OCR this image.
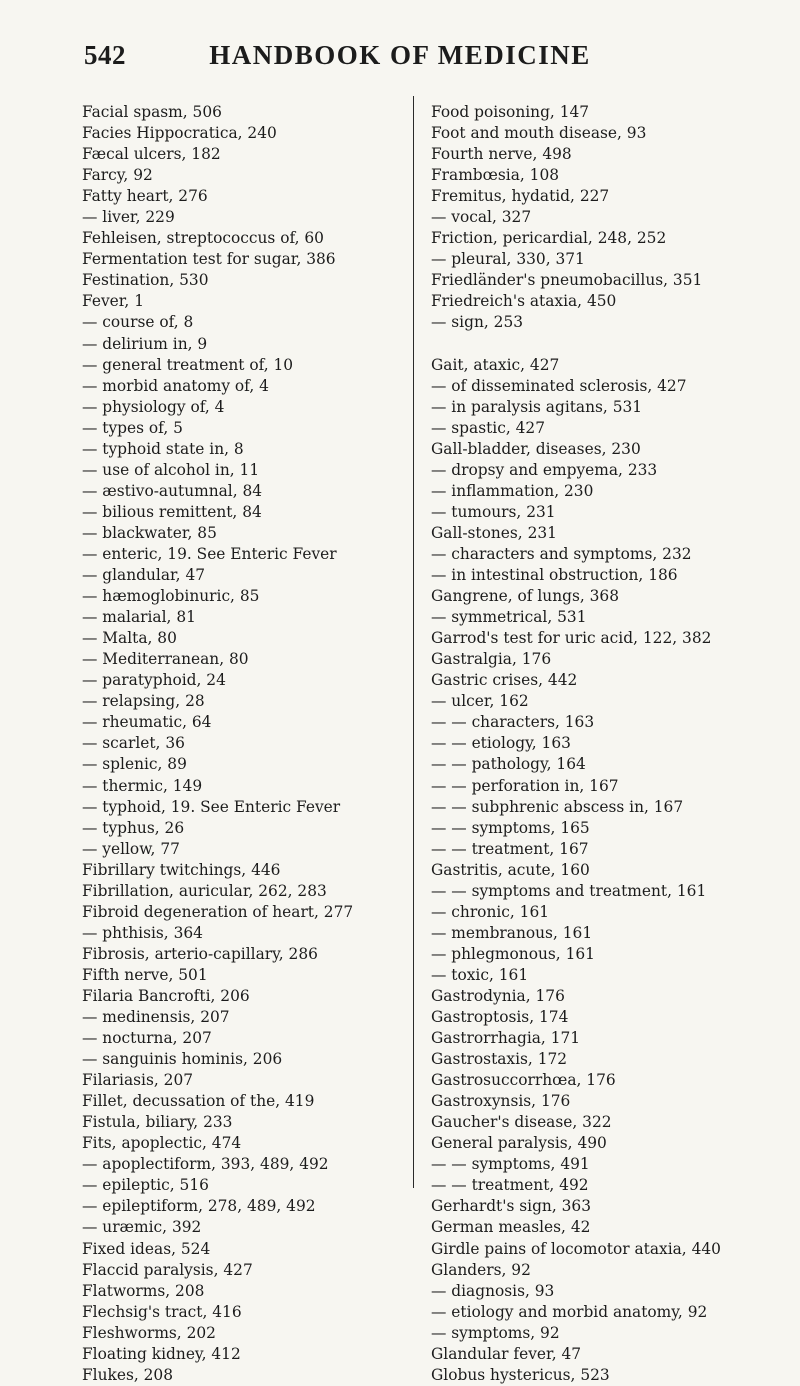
542	HANDBOOK OF MEDICINE
Facial spasm, 506
Facies Hippocratica, 240
Fæcal ulcers, 182
Farcy, 92
Fatty heart, 276
— liver, 229
Fehleisen, streptococcus of, 60
Fermentation test for sugar, 386
Festination, 530
Fever, 1
— course of, 8
— delirium in, 9
— general treatment of, 10
— morbid anatomy of, 4
— physiology of, 4
— types of, 5
— typhoid state in, 8
— use of alcohol in, 11
— æstivo-autumnal, 84
— bilious remittent, 84
— blackwater, 85
— enteric, 19. See Enteric Fever
— glandular, 47
— hæmoglobinuric, 85
— malarial, 81
— Malta, 80
— Mediterranean, 80
— paratyphoid, 24
— relapsing, 28
— rheumatic, 64
— scarlet, 36
— splenic, 89
— thermic, 149
— typhoid, 19. See Enteric Fever
— typhus, 26
— yellow, 77
Fibrillary twitchings, 446
Fibrillation, auricular, 262, 283
Fibroid degeneration of heart, 277
— phthisis, 364
Fibrosis, arterio-capillary, 286
Fifth nerve, 501
Filaria Bancrofti, 206
— medinensis, 207
— nocturna, 207
— sanguinis hominis, 206
Filariasis, 207
Fillet, decussation of the, 419
Fistula, biliary, 233
Fits, apoplectic, 474
— apoplectiform, 393, 489, 492
— epileptic, 516
— epileptiform, 278, 489, 492
— uræmic, 392
Fixed ideas, 524
Flaccid paralysis, 427
Flatworms, 208
Flechsig's tract, 416
Fleshworms, 202
Floating kidney, 412
Flukes, 208
Food poisoning, 147
Foot and mouth disease, 93
Fourth nerve, 498
Frambœsia, 108
Fremitus, hydatid, 227
— vocal, 327
Friction, pericardial, 248, 252
— pleural, 330, 371
Friedländer's pneumobacillus, 351
Friedreich's ataxia, 450
— sign, 253
Gait, ataxic, 427
— of disseminated sclerosis, 427
— in paralysis agitans, 531
— spastic, 427
Gall-bladder, diseases, 230
— dropsy and empyema, 233
— inflammation, 230
— tumours, 231
Gall-stones, 231
— characters and symptoms, 232
— in intestinal obstruction, 186
Gangrene, of lungs, 368
— symmetrical, 531
Garrod's test for uric acid, 122, 382
Gastralgia, 176
Gastric crises, 442
— ulcer, 162
— — characters, 163
— — etiology, 163
— — pathology, 164
— — perforation in, 167
— — subphrenic abscess in, 167
— — symptoms, 165
— — treatment, 167
Gastritis, acute, 160
— — symptoms and treatment, 161
— chronic, 161
— membranous, 161
— phlegmonous, 161
— toxic, 161
Gastrodynia, 176
Gastroptosis, 174
Gastrorrhagia, 171
Gastrostaxis, 172
Gastrosuccorrhœa, 176
Gastroxynsis, 176
Gaucher's disease, 322
General paralysis, 490
— — symptoms, 491
— — treatment, 492
Gerhardt's sign, 363
German measles, 42
Girdle pains of locomotor ataxia, 440
Glanders, 92
— diagnosis, 93
— etiology and morbid anatomy, 92
— symptoms, 92
Glandular fever, 47
Globus hystericus, 523
